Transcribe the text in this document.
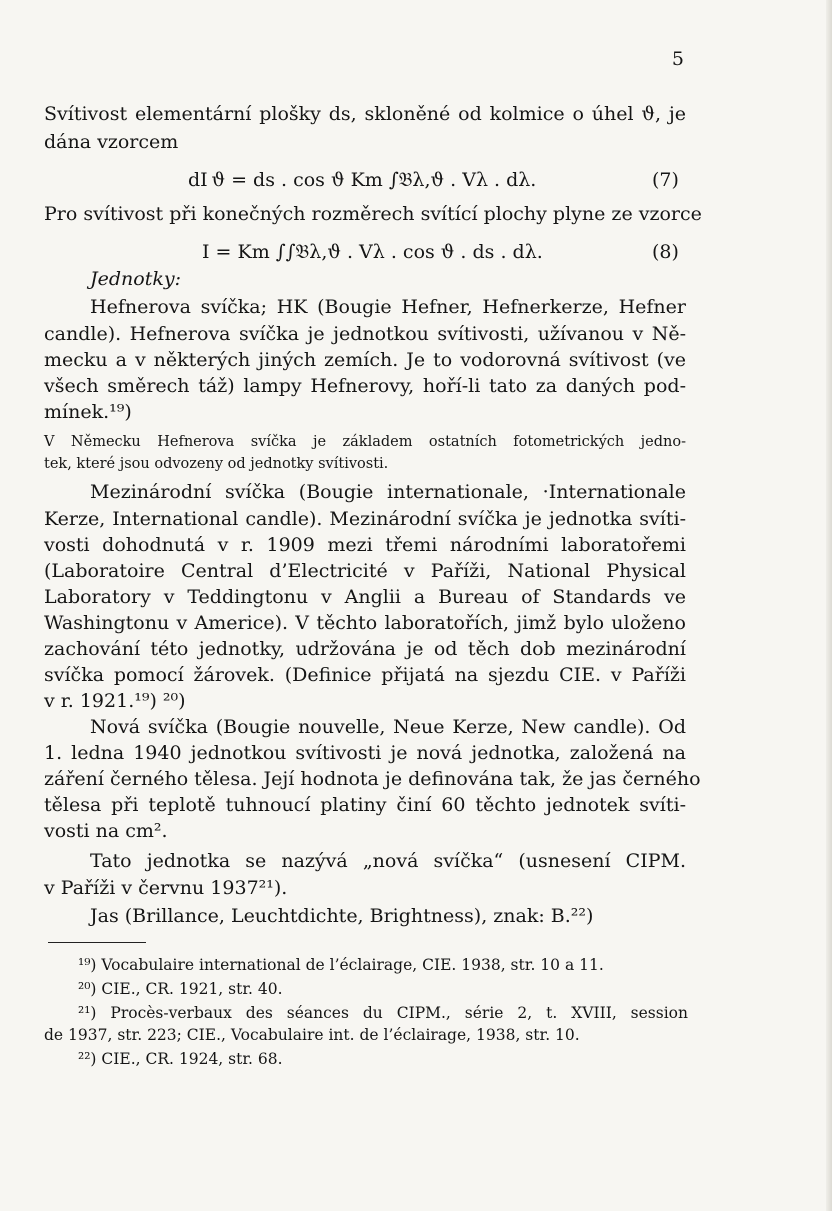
5
Svítivost elementární plošky ds, skloněné od kolmice o úhel ϑ, je
dána vzorcem
dI ϑ = ds . cos ϑ Km ∫𝔅λ,ϑ . Vλ . dλ.	(7)
Pro svítivost při konečných rozměrech svítící plochy plyne ze vzorce
I = Km ∫∫𝔅λ,ϑ . Vλ . cos ϑ . ds . dλ.	(8)
Jednotky:
Hefnerova svíčka; HK (Bougie Hefner, Hefnerkerze, Hefner
candle). Hefnerova svíčka je jednotkou svítivosti, užívanou v Ně-
mecku a v některých jiných zemích. Je to vodorovná svítivost (ve
všech směrech táž) lampy Hefnerovy, hoří-li tato za daných pod-
mínek.¹⁹)
V Německu Hefnerova svíčka je základem ostatních fotometrických jedno-
tek, které jsou odvozeny od jednotky svítivosti.
Mezinárodní svíčka (Bougie internationale, ·Internationale
Kerze, International candle). Mezinárodní svíčka je jednotka svíti-
vosti dohodnutá v r. 1909 mezi třemi národními laboratořemi
(Laboratoire Central d’Electricité v Paříži, National Physical
Laboratory v Teddingtonu v Anglii a Bureau of Standards ve
Washingtonu v Americe). V těchto laboratořích, jimž bylo uloženo
zachování této jednotky, udržována je od těch dob mezinárodní
svíčka pomocí žárovek. (Definice přijatá na sjezdu CIE. v Paříži
v r. 1921.¹⁹) ²⁰)
Nová svíčka (Bougie nouvelle, Neue Kerze, New candle). Od
1. ledna 1940 jednotkou svítivosti je nová jednotka, založená na
záření černého tělesa. Její hodnota je definována tak, že jas černého
tělesa při teplotě tuhnoucí platiny činí 60 těchto jednotek svíti-
vosti na cm².
Tato jednotka se nazývá „nová svíčka“ (usnesení CIPM.
v Paříži v červnu 1937²¹).
Jas (Brillance, Leuchtdichte, Brightness), znak: B.²²)
¹⁹) Vocabulaire international de l’éclairage, CIE. 1938, str. 10 a 11.
²⁰) CIE., CR. 1921, str. 40.
²¹) Procès-verbaux des séances du CIPM., série 2, t. XVIII, session
de 1937, str. 223; CIE., Vocabulaire int. de l’éclairage, 1938, str. 10.
²²) CIE., CR. 1924, str. 68.
